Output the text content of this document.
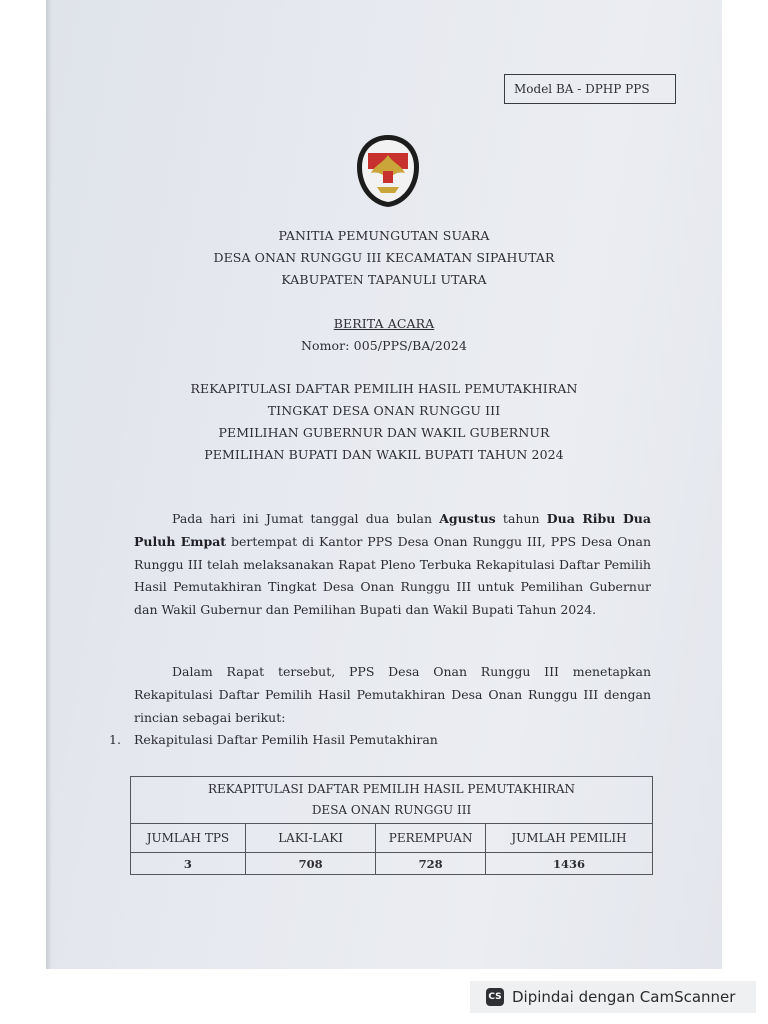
Model BA - DPHP PPS
PANITIA PEMUNGUTAN SUARA
DESA ONAN RUNGGU III KECAMATAN SIPAHUTAR
KABUPATEN TAPANULI UTARA
BERITA ACARA
Nomor: 005/PPS/BA/2024
REKAPITULASI DAFTAR PEMILIH HASIL PEMUTAKHIRAN
TINGKAT DESA ONAN RUNGGU III
PEMILIHAN GUBERNUR DAN WAKIL GUBERNUR
PEMILIHAN BUPATI DAN WAKIL BUPATI TAHUN 2024
Pada hari ini Jumat tanggal dua bulan Agustus tahun Dua Ribu Dua Puluh Empat bertempat di Kantor PPS Desa Onan Runggu III, PPS Desa Onan Runggu III telah melaksanakan Rapat Pleno Terbuka Rekapitulasi Daftar Pemilih Hasil Pemutakhiran Tingkat Desa Onan Runggu III untuk Pemilihan Gubernur dan Wakil Gubernur dan Pemilihan Bupati dan Wakil Bupati Tahun 2024.
Dalam Rapat tersebut, PPS Desa Onan Runggu III menetapkan Rekapitulasi Daftar Pemilih Hasil Pemutakhiran Desa Onan Runggu III dengan rincian sebagai berikut:
1. Rekapitulasi Daftar Pemilih Hasil Pemutakhiran
REKAPITULASI DAFTAR PEMILIH HASIL PEMUTAKHIRAN
DESA ONAN RUNGGU III			
JUMLAH TPS	LAKI-LAKI	PEREMPUAN	JUMLAH PEMILIH
3	708	728	1436
CS Dipindai dengan CamScanner
